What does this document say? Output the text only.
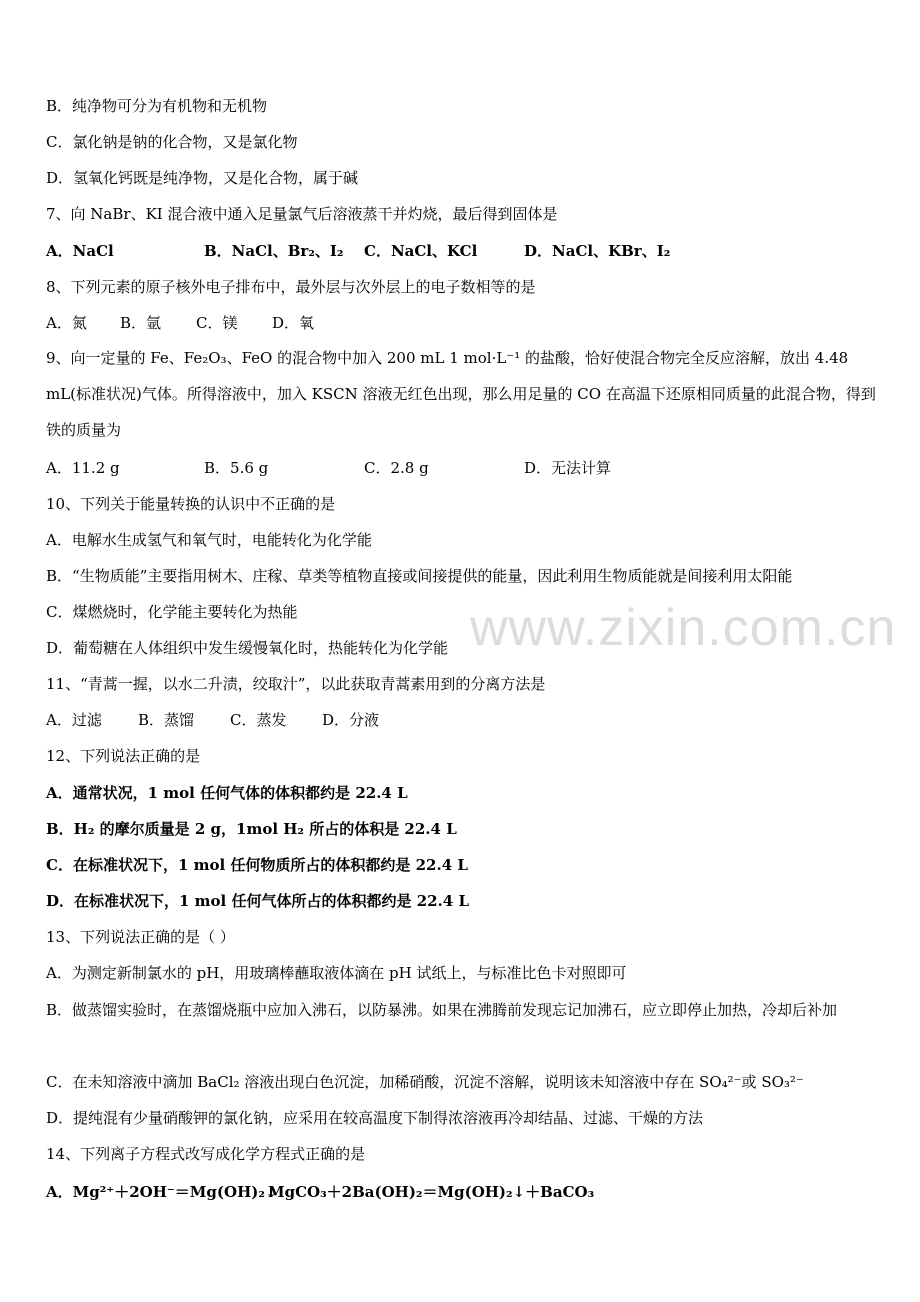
www.zixin.com.cn
B．纯净物可分为有机物和无机物
C．氯化钠是钠的化合物，又是氯化物
D．氢氧化钙既是纯净物，又是化合物，属于碱
7、向 NaBr、KI 混合液中通入足量氯气后溶液蒸干并灼烧，最后得到固体是
A．NaCl	B．NaCl、Br₂、I₂ C．NaCl、KCl	D．NaCl、KBr、I₂
8、下列元素的原子核外电子排布中，最外层与次外层上的电子数相等的是
A．氮 B．氩 C．镁 D．氧
9、向一定量的 Fe、Fe₂O₃、FeO 的混合物中加入 200 mL 1 mol·L⁻¹ 的盐酸，恰好使混合物完全反应溶解，放出 4.48 mL(标准状况)气体。所得溶液中，加入 KSCN 溶液无红色出现，那么用足量的 CO 在高温下还原相同质量的此混合物，得到铁的质量为
A．11.2 g	B．5.6 g	C．2.8 g	D．无法计算
10、下列关于能量转换的认识中不正确的是
A．电解水生成氢气和氧气时，电能转化为化学能
B．“生物质能”主要指用树木、庄稼、草类等植物直接或间接提供的能量，因此利用生物质能就是间接利用太阳能
C．煤燃烧时，化学能主要转化为热能
D．葡萄糖在人体组织中发生缓慢氧化时，热能转化为化学能
11、“青蒿一握，以水二升渍，绞取汁”，以此获取青蒿素用到的分离方法是
A．过滤 B．蒸馏 C．蒸发 D．分液
12、下列说法正确的是
A．通常状况，1 mol 任何气体的体积都约是 22.4 L
B．H₂ 的摩尔质量是 2 g，1mol H₂ 所占的体积是 22.4 L
C．在标准状况下，1 mol 任何物质所占的体积都约是 22.4 L
D．在标准状况下，1 mol 任何气体所占的体积都约是 22.4 L
13、下列说法正确的是（ ）
A．为测定新制氯水的 pH，用玻璃棒蘸取液体滴在 pH 试纸上，与标准比色卡对照即可
B．做蒸馏实验时，在蒸馏烧瓶中应加入沸石，以防暴沸。如果在沸腾前发现忘记加沸石，应立即停止加热，冷却后补加
C．在未知溶液中滴加 BaCl₂ 溶液出现白色沉淀，加稀硝酸，沉淀不溶解，说明该未知溶液中存在 SO₄²⁻或 SO₃²⁻
D．提纯混有少量硝酸钾的氯化钠，应采用在较高温度下制得浓溶液再冷却结晶、过滤、干燥的方法
14、下列离子方程式改写成化学方程式正确的是
A．Mg²⁺＋2OH⁻＝Mg(OH)₂↓MgCO₃＋2Ba(OH)₂＝Mg(OH)₂↓＋BaCO₃
